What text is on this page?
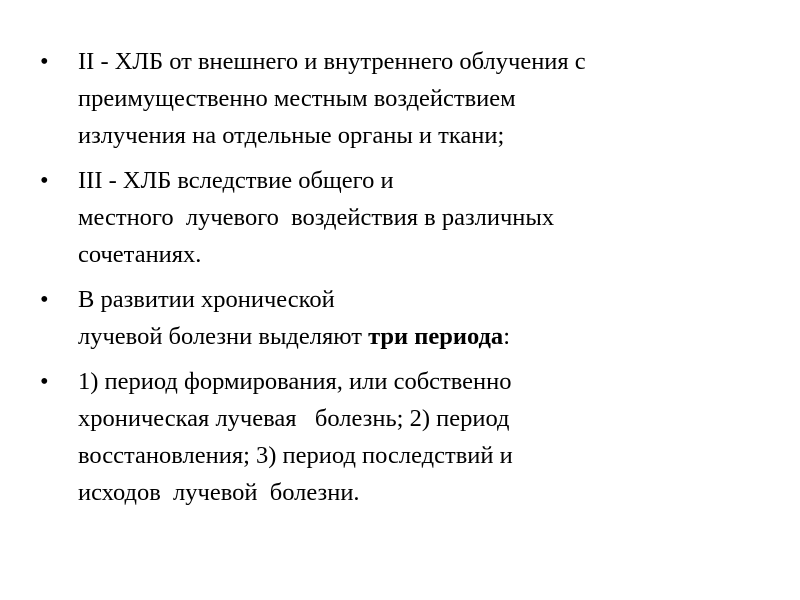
•	II - ХЛБ от внешнего и внутреннего облучения с
преимущественно местным воздействием
излучения на отдельные органы и ткани;
•	III - ХЛБ вследствие общего и
местного  лучевого  воздействия в различных
сочетаниях.
•	В развитии хронической
лучевой болезни выделяют три периода:
•	1) период формирования, или собственно
хроническая лучевая   болезнь; 2) период
восстановления; 3) период последствий и
исходов  лучевой  болезни.
